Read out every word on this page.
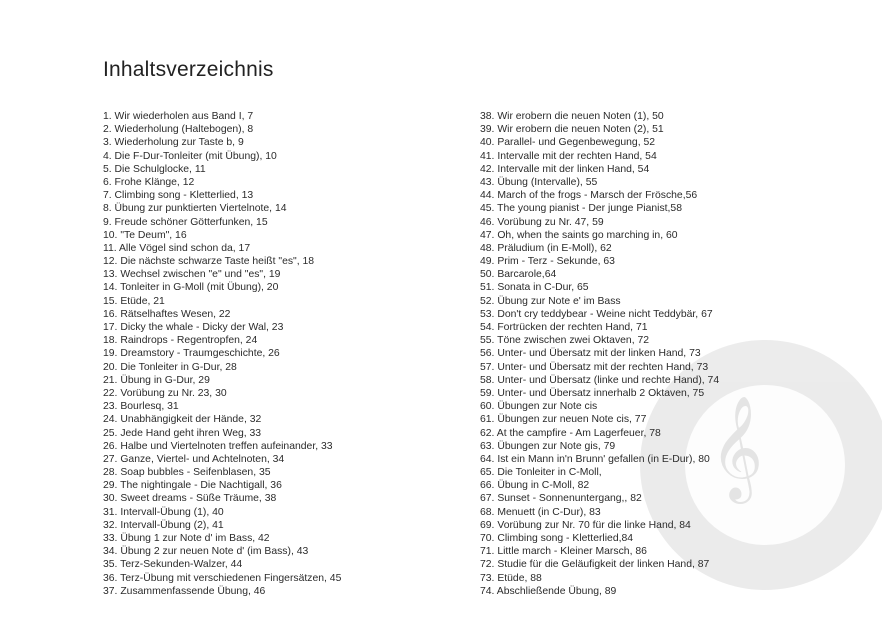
𝄞
Inhaltsverzeichnis
1. Wir wiederholen aus Band I, 7
2. Wiederholung (Haltebogen), 8
3. Wiederholung zur Taste b, 9
4. Die F-Dur-Tonleiter (mit Übung), 10
5. Die Schulglocke, 11
6. Frohe Klänge, 12
7. Climbing song - Kletterlied, 13
8. Übung zur punktierten Viertelnote, 14
9. Freude schöner Götterfunken, 15
10. "Te Deum", 16
11. Alle Vögel sind schon da, 17
12. Die nächste schwarze Taste heißt "es", 18
13. Wechsel zwischen "e" und "es", 19
14. Tonleiter in G-Moll (mit Übung), 20
15. Etüde, 21
16. Rätselhaftes Wesen, 22
17. Dicky the whale - Dicky der Wal, 23
18. Raindrops - Regentropfen, 24
19. Dreamstory - Traumgeschichte, 26
20. Die Tonleiter in G-Dur, 28
21. Übung in G-Dur, 29
22. Vorübung zu Nr. 23, 30
23. Bourlesq, 31
24. Unabhängigkeit der Hände, 32
25. Jede Hand geht ihren Weg, 33
26. Halbe und Viertelnoten treffen aufeinander, 33
27. Ganze, Viertel- und Achtelnoten, 34
28. Soap bubbles - Seifenblasen, 35
29. The nightingale - Die Nachtigall, 36
30. Sweet dreams - Süße Träume, 38
31. Intervall-Übung (1), 40
32. Intervall-Übung (2), 41
33. Übung 1 zur Note d' im Bass, 42
34. Übung 2 zur neuen Note d' (im Bass), 43
35. Terz-Sekunden-Walzer, 44
36. Terz-Übung mit verschiedenen Fingersätzen, 45
37. Zusammenfassende Übung, 46
38. Wir erobern die neuen Noten (1), 50
39. Wir erobern die neuen Noten (2), 51
40. Parallel- und Gegenbewegung, 52
41. Intervalle mit der rechten Hand, 54
42. Intervalle mit der linken Hand, 54
43. Übung (Intervalle), 55
44. March of the frogs - Marsch der Frösche,56
45. The young pianist - Der junge Pianist,58
46. Vorübung zu Nr. 47, 59
47. Oh, when the saints go marching in, 60
48. Präludium (in E-Moll), 62
49. Prim - Terz - Sekunde, 63
50. Barcarole,64
51. Sonata in C-Dur, 65
52. Übung zur Note e' im Bass
53. Don't cry teddybear - Weine nicht Teddybär, 67
54. Fortrücken der rechten Hand, 71
55. Töne zwischen zwei Oktaven, 72
56. Unter- und Übersatz mit der linken Hand, 73
57. Unter- und Übersatz mit der rechten Hand, 73
58. Unter- und Übersatz (linke und rechte Hand), 74
59. Unter- und Übersatz innerhalb 2 Oktaven, 75
60. Übungen zur Note cis
61. Übungen zur neuen Note cis, 77
62. At the campfire - Am Lagerfeuer, 78
63. Übungen zur Note gis, 79
64. Ist ein Mann in'n Brunn' gefallen (in E-Dur), 80
65. Die Tonleiter in C-Moll,
66. Übung in C-Moll, 82
67. Sunset - Sonnenuntergang,, 82
68. Menuett (in C-Dur), 83
69. Vorübung zur Nr. 70 für die linke Hand, 84
70. Climbing song - Kletterlied,84
71. Little march - Kleiner Marsch, 86
72. Studie für die Geläufigkeit der linken Hand, 87
73. Etüde, 88
74. Abschließende Übung, 89
